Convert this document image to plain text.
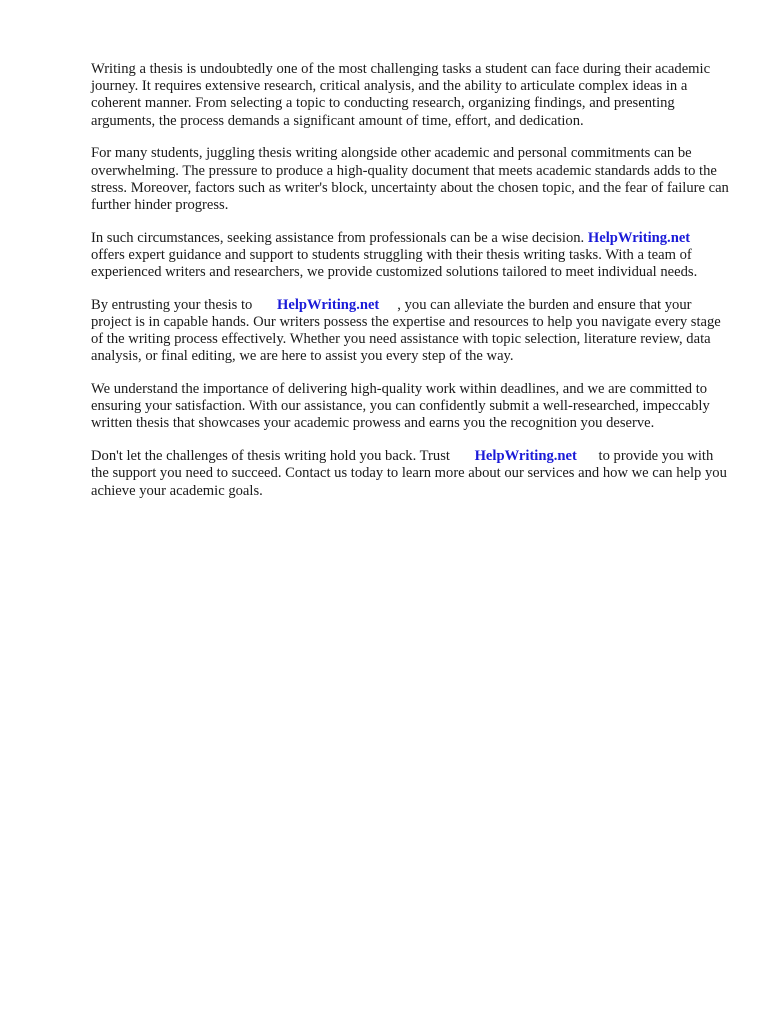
Writing a thesis is undoubtedly one of the most challenging tasks a student can face during their academic journey. It requires extensive research, critical analysis, and the ability to articulate complex ideas in a coherent manner. From selecting a topic to conducting research, organizing findings, and presenting arguments, the process demands a significant amount of time, effort, and dedication.

For many students, juggling thesis writing alongside other academic and personal commitments can be overwhelming. The pressure to produce a high-quality document that meets academic standards adds to the stress. Moreover, factors such as writer's block, uncertainty about the chosen topic, and the fear of failure can further hinder progress.

In such circumstances, seeking assistance from professionals can be a wise decision. HelpWriting.net offers expert guidance and support to students struggling with their thesis writing tasks. With a team of experienced writers and researchers, we provide customized solutions tailored to meet individual needs.

By entrusting your thesis to HelpWriting.net , you can alleviate the burden and ensure that your project is in capable hands. Our writers possess the expertise and resources to help you navigate every stage of the writing process effectively. Whether you need assistance with topic selection, literature review, data analysis, or final editing, we are here to assist you every step of the way.

We understand the importance of delivering high-quality work within deadlines, and we are committed to ensuring your satisfaction. With our assistance, you can confidently submit a well-researched, impeccably written thesis that showcases your academic prowess and earns you the recognition you deserve.

Don't let the challenges of thesis writing hold you back. Trust HelpWriting.net to provide you with the support you need to succeed. Contact us today to learn more about our services and how we can help you achieve your academic goals.
